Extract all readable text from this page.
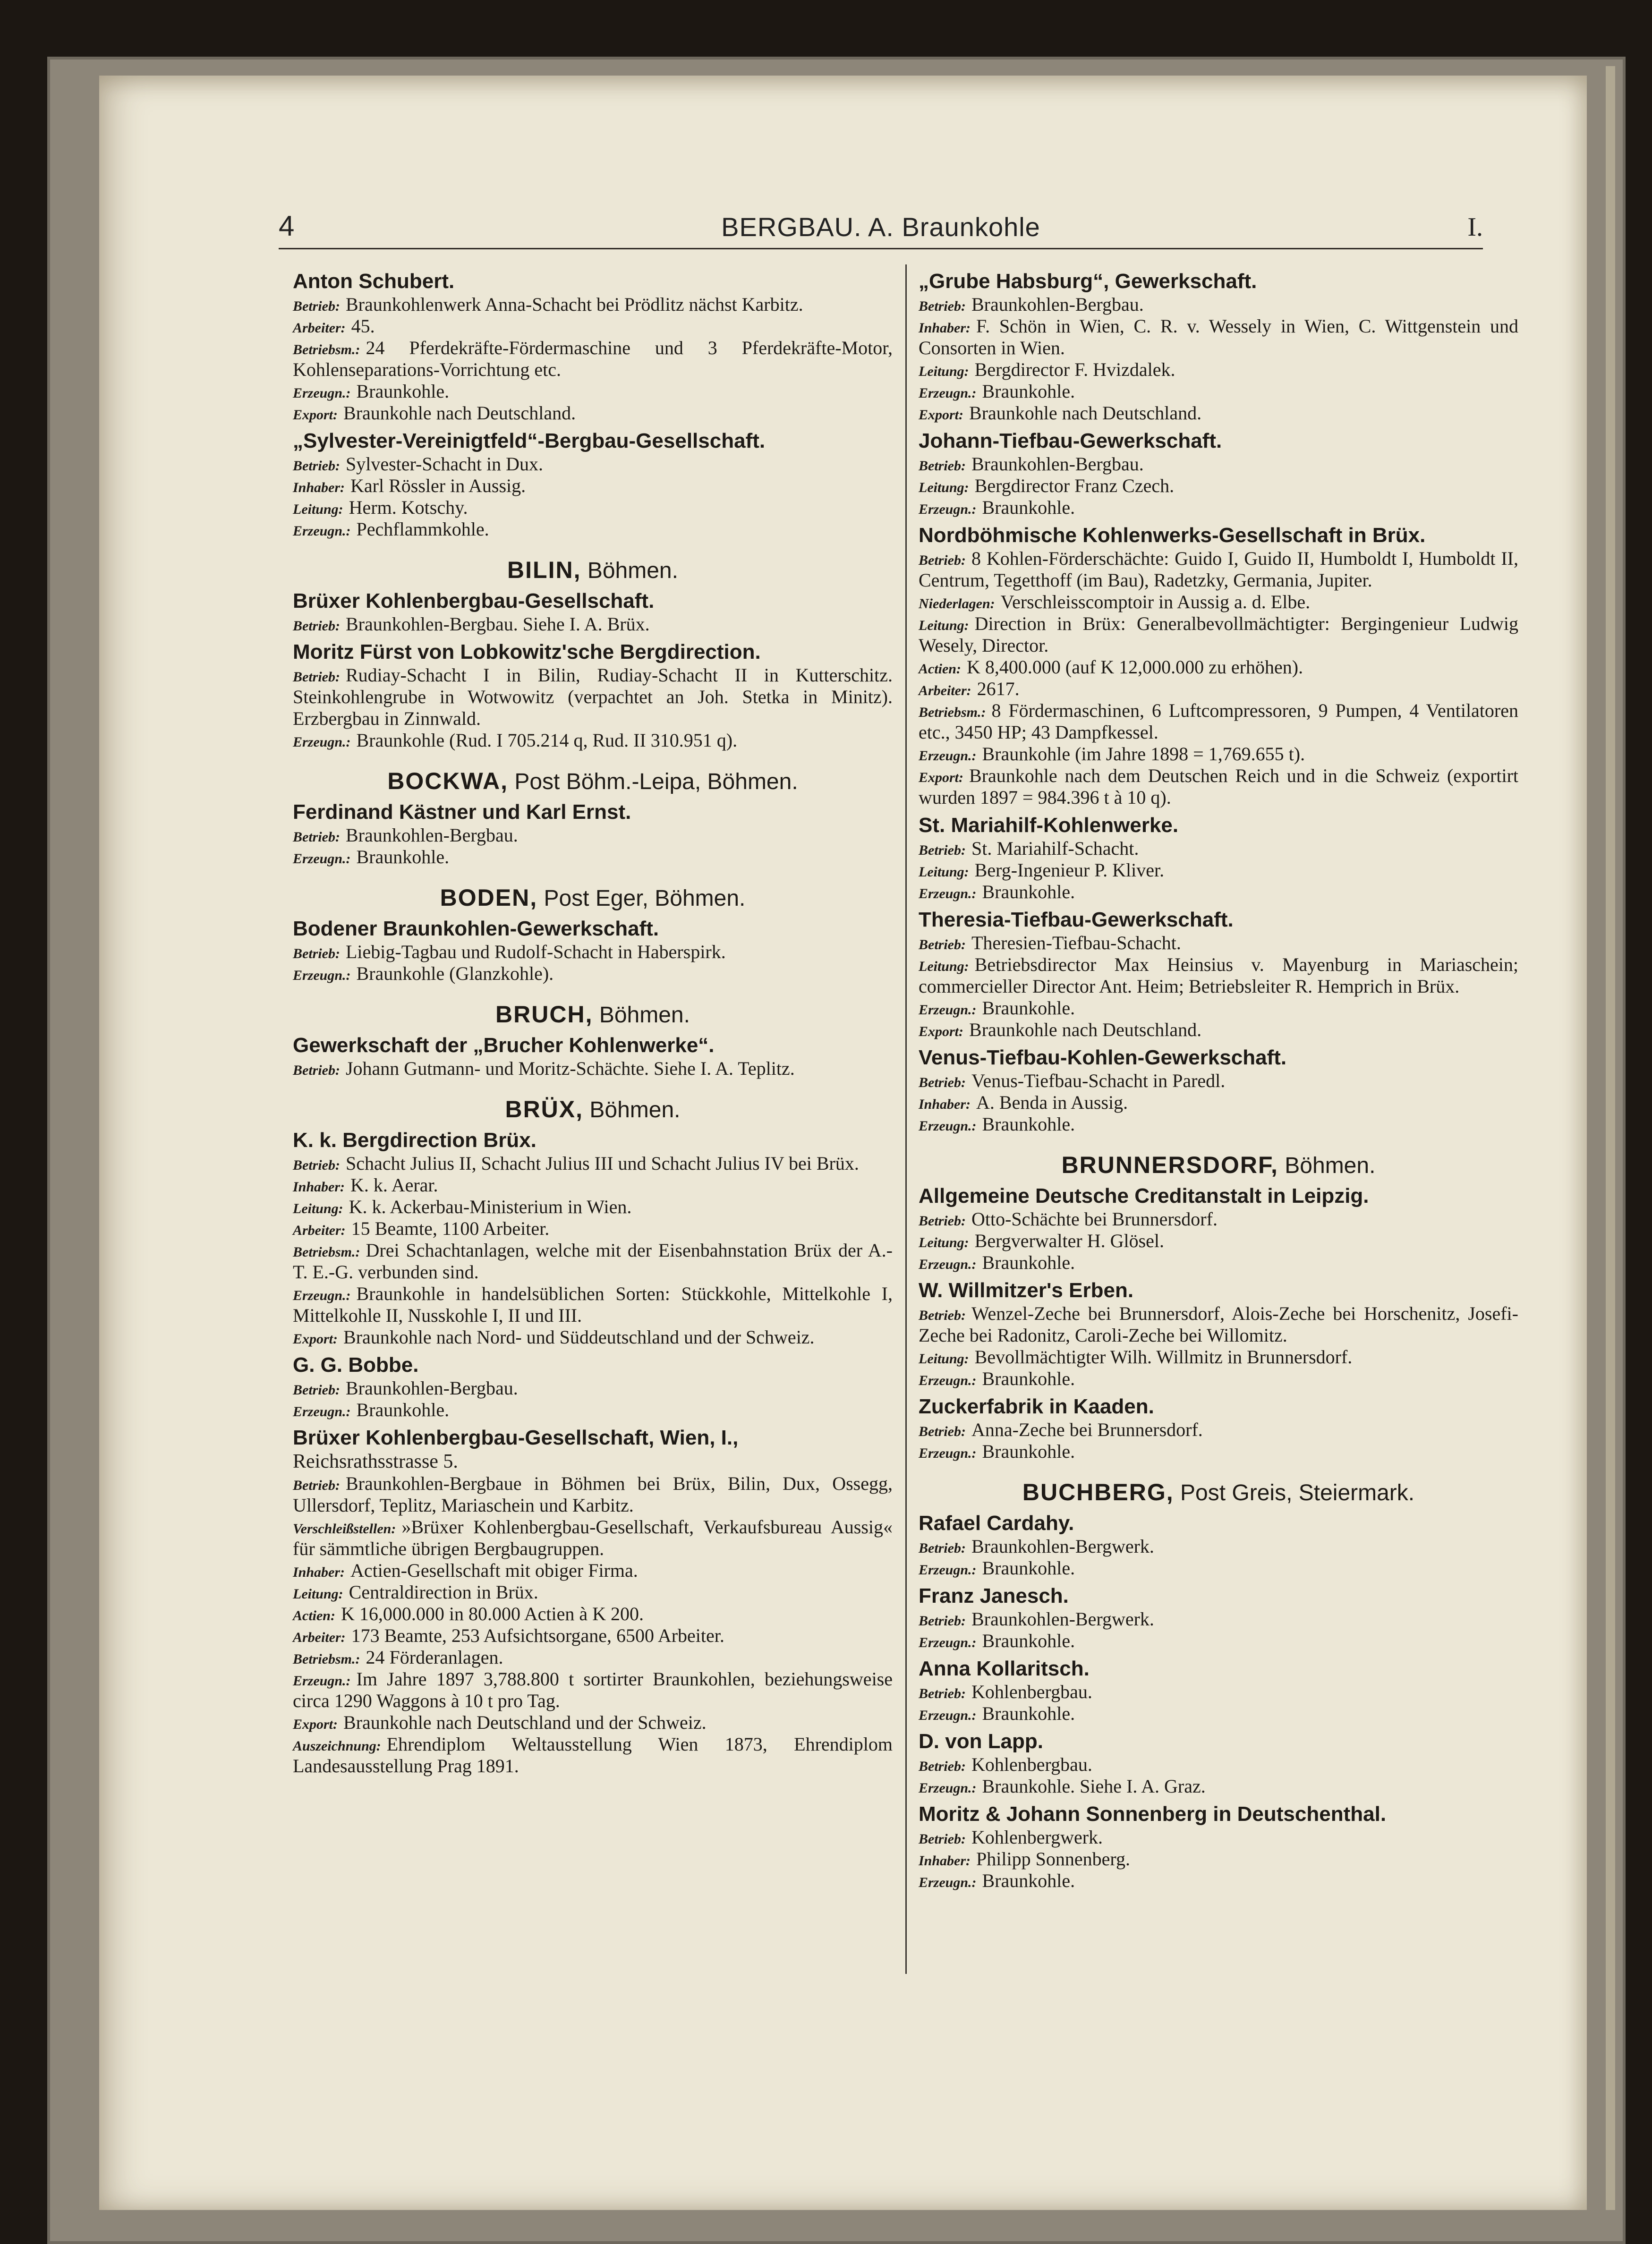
4	BERGBAU. A. Braunkohle	I.
Anton Schubert.
Betrieb: Braunkohlenwerk Anna-Schacht bei Prödlitz nächst Karbitz.
Arbeiter: 45.
Betriebsm.: 24 Pferdekräfte-Fördermaschine und 3 Pferdekräfte-Motor, Kohlenseparations-Vorrichtung etc.
Erzeugn.: Braunkohle.
Export: Braunkohle nach Deutschland.
„Sylvester-Vereinigtfeld“-Bergbau-Gesellschaft.
Betrieb: Sylvester-Schacht in Dux.
Inhaber: Karl Rössler in Aussig.
Leitung: Herm. Kotschy.
Erzeugn.: Pechflammkohle.
BILIN, Böhmen.
Brüxer Kohlenbergbau-Gesellschaft.
Betrieb: Braunkohlen-Bergbau. Siehe I. A. Brüx.
Moritz Fürst von Lobkowitz'sche Bergdirection.
Betrieb: Rudiay-Schacht I in Bilin, Rudiay-Schacht II in Kutterschitz. Steinkohlengrube in Wotwowitz (verpachtet an Joh. Stetka in Minitz). Erzbergbau in Zinnwald.
Erzeugn.: Braunkohle (Rud. I 705.214 q, Rud. II 310.951 q).
BOCKWA, Post Böhm.-Leipa, Böhmen.
Ferdinand Kästner und Karl Ernst.
Betrieb: Braunkohlen-Bergbau.
Erzeugn.: Braunkohle.
BODEN, Post Eger, Böhmen.
Bodener Braunkohlen-Gewerkschaft.
Betrieb: Liebig-Tagbau und Rudolf-Schacht in Haberspirk.
Erzeugn.: Braunkohle (Glanzkohle).
BRUCH, Böhmen.
Gewerkschaft der „Brucher Kohlenwerke“.
Betrieb: Johann Gutmann- und Moritz-Schächte. Siehe I. A. Teplitz.
BRÜX, Böhmen.
K. k. Bergdirection Brüx.
Betrieb: Schacht Julius II, Schacht Julius III und Schacht Julius IV bei Brüx.
Inhaber: K. k. Aerar.
Leitung: K. k. Ackerbau-Ministerium in Wien.
Arbeiter: 15 Beamte, 1100 Arbeiter.
Betriebsm.: Drei Schachtanlagen, welche mit der Eisenbahnstation Brüx der A.-T. E.-G. verbunden sind.
Erzeugn.: Braunkohle in handelsüblichen Sorten: Stückkohle, Mittelkohle I, Mittelkohle II, Nusskohle I, II und III.
Export: Braunkohle nach Nord- und Süddeutschland und der Schweiz.
G. G. Bobbe.
Betrieb: Braunkohlen-Bergbau.
Erzeugn.: Braunkohle.
Brüxer Kohlenbergbau-Gesellschaft, Wien, I.,
Reichsrathsstrasse 5.
Betrieb: Braunkohlen-Bergbaue in Böhmen bei Brüx, Bilin, Dux, Ossegg, Ullersdorf, Teplitz, Mariaschein und Karbitz.
Verschleißstellen: »Brüxer Kohlenbergbau-Gesellschaft, Verkaufsbureau Aussig« für sämmtliche übrigen Bergbaugruppen.
Inhaber: Actien-Gesellschaft mit obiger Firma.
Leitung: Centraldirection in Brüx.
Actien: K 16,000.000 in 80.000 Actien à K 200.
Arbeiter: 173 Beamte, 253 Aufsichtsorgane, 6500 Arbeiter.
Betriebsm.: 24 Förderanlagen.
Erzeugn.: Im Jahre 1897 3,788.800 t sortirter Braunkohlen, beziehungsweise circa 1290 Waggons à 10 t pro Tag.
Export: Braunkohle nach Deutschland und der Schweiz.
Auszeichnung: Ehrendiplom Weltausstellung Wien 1873, Ehrendiplom Landesausstellung Prag 1891.
„Grube Habsburg“, Gewerkschaft.
Betrieb: Braunkohlen-Bergbau.
Inhaber: F. Schön in Wien, C. R. v. Wessely in Wien, C. Wittgenstein und Consorten in Wien.
Leitung: Bergdirector F. Hvizdalek.
Erzeugn.: Braunkohle.
Export: Braunkohle nach Deutschland.
Johann-Tiefbau-Gewerkschaft.
Betrieb: Braunkohlen-Bergbau.
Leitung: Bergdirector Franz Czech.
Erzeugn.: Braunkohle.
Nordböhmische Kohlenwerks-Gesellschaft in Brüx.
Betrieb: 8 Kohlen-Förderschächte: Guido I, Guido II, Humboldt I, Humboldt II, Centrum, Tegetthoff (im Bau), Radetzky, Germania, Jupiter.
Niederlagen: Verschleisscomptoir in Aussig a. d. Elbe.
Leitung: Direction in Brüx: Generalbevollmächtigter: Bergingenieur Ludwig Wesely, Director.
Actien: K 8,400.000 (auf K 12,000.000 zu erhöhen).
Arbeiter: 2617.
Betriebsm.: 8 Fördermaschinen, 6 Luftcompressoren, 9 Pumpen, 4 Ventilatoren etc., 3450 HP; 43 Dampfkessel.
Erzeugn.: Braunkohle (im Jahre 1898 = 1,769.655 t).
Export: Braunkohle nach dem Deutschen Reich und in die Schweiz (exportirt wurden 1897 = 984.396 t à 10 q).
St. Mariahilf-Kohlenwerke.
Betrieb: St. Mariahilf-Schacht.
Leitung: Berg-Ingenieur P. Kliver.
Erzeugn.: Braunkohle.
Theresia-Tiefbau-Gewerkschaft.
Betrieb: Theresien-Tiefbau-Schacht.
Leitung: Betriebsdirector Max Heinsius v. Mayenburg in Mariaschein; commercieller Director Ant. Heim; Betriebsleiter R. Hemprich in Brüx.
Erzeugn.: Braunkohle.
Export: Braunkohle nach Deutschland.
Venus-Tiefbau-Kohlen-Gewerkschaft.
Betrieb: Venus-Tiefbau-Schacht in Paredl.
Inhaber: A. Benda in Aussig.
Erzeugn.: Braunkohle.
BRUNNERSDORF, Böhmen.
Allgemeine Deutsche Creditanstalt in Leipzig.
Betrieb: Otto-Schächte bei Brunnersdorf.
Leitung: Bergverwalter H. Glösel.
Erzeugn.: Braunkohle.
W. Willmitzer's Erben.
Betrieb: Wenzel-Zeche bei Brunnersdorf, Alois-Zeche bei Horschenitz, Josefi-Zeche bei Radonitz, Caroli-Zeche bei Willomitz.
Leitung: Bevollmächtigter Wilh. Willmitz in Brunnersdorf.
Erzeugn.: Braunkohle.
Zuckerfabrik in Kaaden.
Betrieb: Anna-Zeche bei Brunnersdorf.
Erzeugn.: Braunkohle.
BUCHBERG, Post Greis, Steiermark.
Rafael Cardahy.
Betrieb: Braunkohlen-Bergwerk.
Erzeugn.: Braunkohle.
Franz Janesch.
Betrieb: Braunkohlen-Bergwerk.
Erzeugn.: Braunkohle.
Anna Kollaritsch.
Betrieb: Kohlenbergbau.
Erzeugn.: Braunkohle.
D. von Lapp.
Betrieb: Kohlenbergbau.
Erzeugn.: Braunkohle. Siehe I. A. Graz.
Moritz & Johann Sonnenberg in Deutschenthal.
Betrieb: Kohlenbergwerk.
Inhaber: Philipp Sonnenberg.
Erzeugn.: Braunkohle.
